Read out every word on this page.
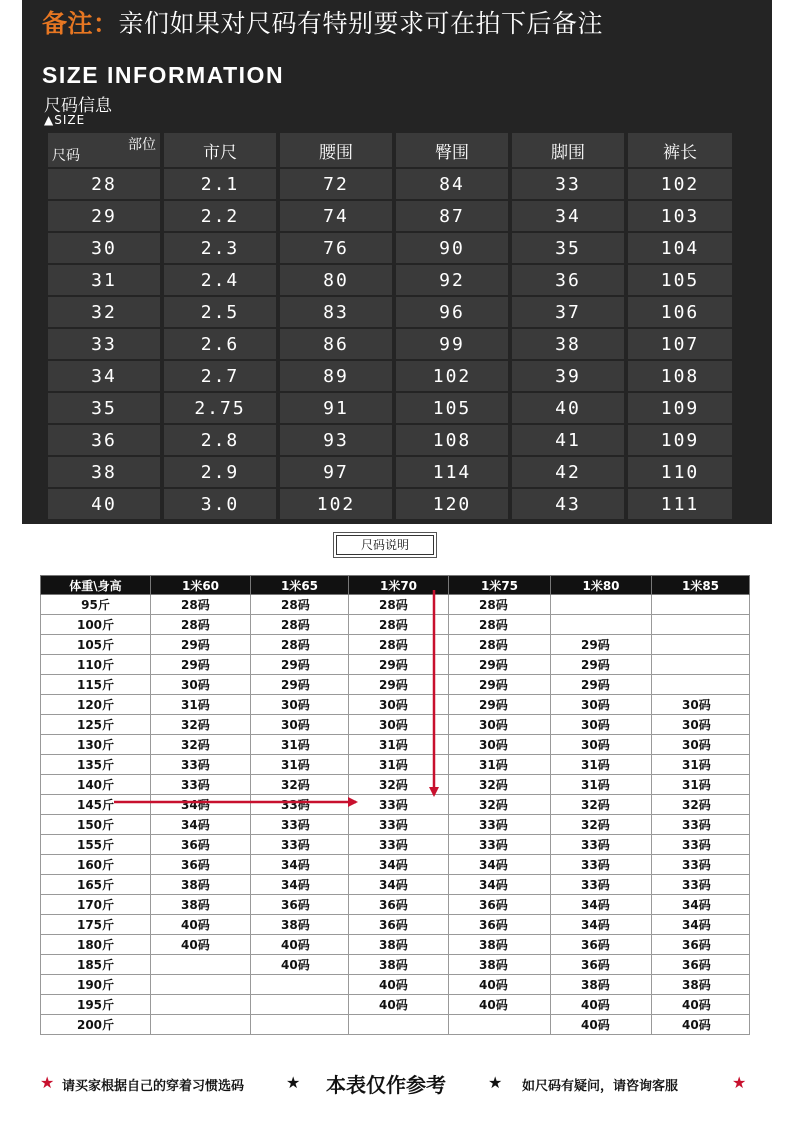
备注：亲们如果对尺码有特别要求可在拍下后备注
SIZE INFORMATION
尺码信息
▲SIZE
部位
尺码	市尺	腰围	臀围	脚围	裤长
28	2.1	72	84	33	102
29	2.2	74	87	34	103
30	2.3	76	90	35	104
31	2.4	80	92	36	105
32	2.5	83	96	37	106
33	2.6	86	99	38	107
34	2.7	89	102	39	108
35	2.75	91	105	40	109
36	2.8	93	108	41	109
38	2.9	97	114	42	110
40	3.0	102	120	43	111
尺码说明
体重\身高	1米60	1米65	1米70	1米75	1米80	1米85
95斤	28码	28码	28码	28码		
100斤	28码	28码	28码	28码		
105斤	29码	28码	28码	28码	29码	
110斤	29码	29码	29码	29码	29码	
115斤	30码	29码	29码	29码	29码	
120斤	31码	30码	30码	29码	30码	30码
125斤	32码	30码	30码	30码	30码	30码
130斤	32码	31码	31码	30码	30码	30码
135斤	33码	31码	31码	31码	31码	31码
140斤	33码	32码	32码	32码	31码	31码
145斤	34码	33码	33码	32码	32码	32码
150斤	34码	33码	33码	33码	32码	33码
155斤	36码	33码	33码	33码	33码	33码
160斤	36码	34码	34码	34码	33码	33码
165斤	38码	34码	34码	34码	33码	33码
170斤	38码	36码	36码	36码	34码	34码
175斤	40码	38码	36码	36码	34码	34码
180斤	40码	40码	38码	38码	36码	36码
185斤		40码	38码	38码	36码	36码
190斤			40码	40码	38码	38码
195斤			40码	40码	40码	40码
200斤					40码	40码
★ 请买家根据自己的穿着习惯选码	★ 本表仅作参考	★ 如尺码有疑问，请咨询客服	★
